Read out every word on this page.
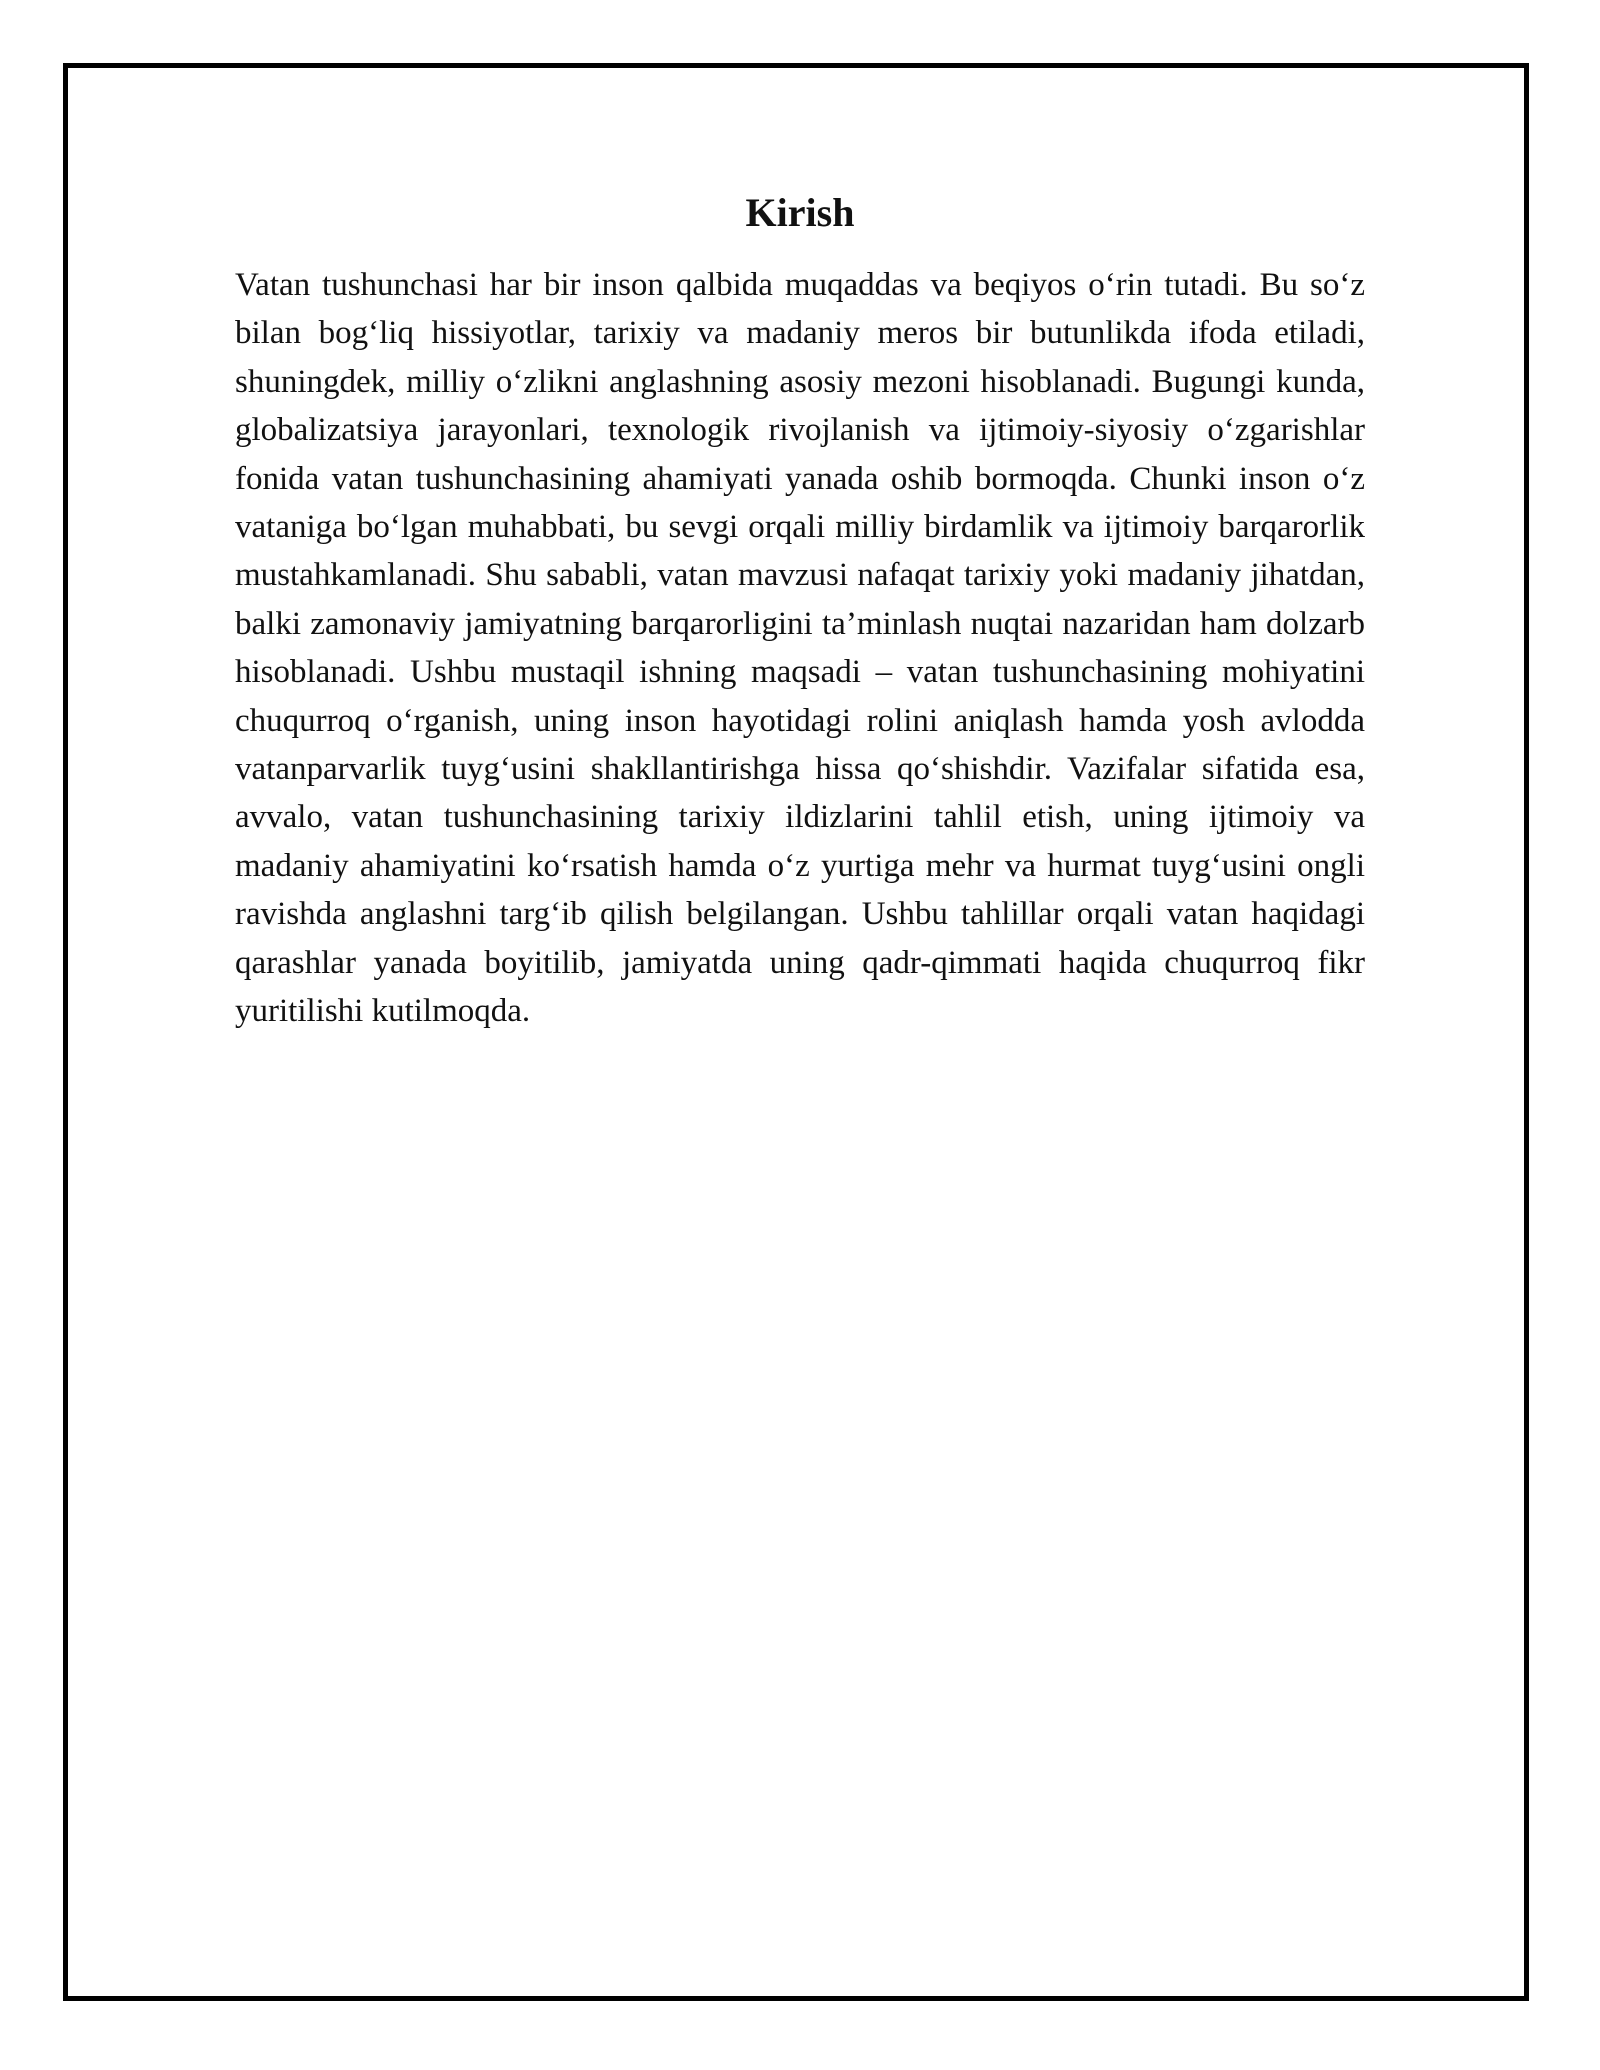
Kirish

Vatan tushunchasi har bir inson qalbida muqaddas va beqiyos o‘rin tutadi. Bu so‘z bilan bog‘liq hissiyotlar, tarixiy va madaniy meros bir butunlikda ifoda etiladi, shuningdek, milliy o‘zlikni anglashning asosiy mezoni hisoblanadi. Bugungi kunda, globalizatsiya jarayonlari, texnologik rivojlanish va ijtimoiy-siyosiy o‘zgarishlar fonida vatan tushunchasining ahamiyati yanada oshib bormoqda. Chunki inson o‘z vataniga bo‘lgan muhabbati, bu sevgi orqali milliy birdamlik va ijtimoiy barqarorlik mustahkamlanadi. Shu sababli, vatan mavzusi nafaqat tarixiy yoki madaniy jihatdan, balki zamonaviy jamiyatning barqarorligini ta’minlash nuqtai nazaridan ham dolzarb hisoblanadi. Ushbu mustaqil ishning maqsadi – vatan tushunchasining mohiyatini chuqurroq o‘rganish, uning inson hayotidagi rolini aniqlash hamda yosh avlodda vatanparvarlik tuyg‘usini shakllantirishga hissa qo‘shishdir. Vazifalar sifatida esa, avvalo, vatan tushunchasining tarixiy ildizlarini tahlil etish, uning ijtimoiy va madaniy ahamiyatini ko‘rsatish hamda o‘z yurtiga mehr va hurmat tuyg‘usini ongli ravishda anglashni targ‘ib qilish belgilangan. Ushbu tahlillar orqali vatan haqidagi qarashlar yanada boyitilib, jamiyatda uning qadr-qimmati haqida chuqurroq fikr yuritilishi kutilmoqda.
